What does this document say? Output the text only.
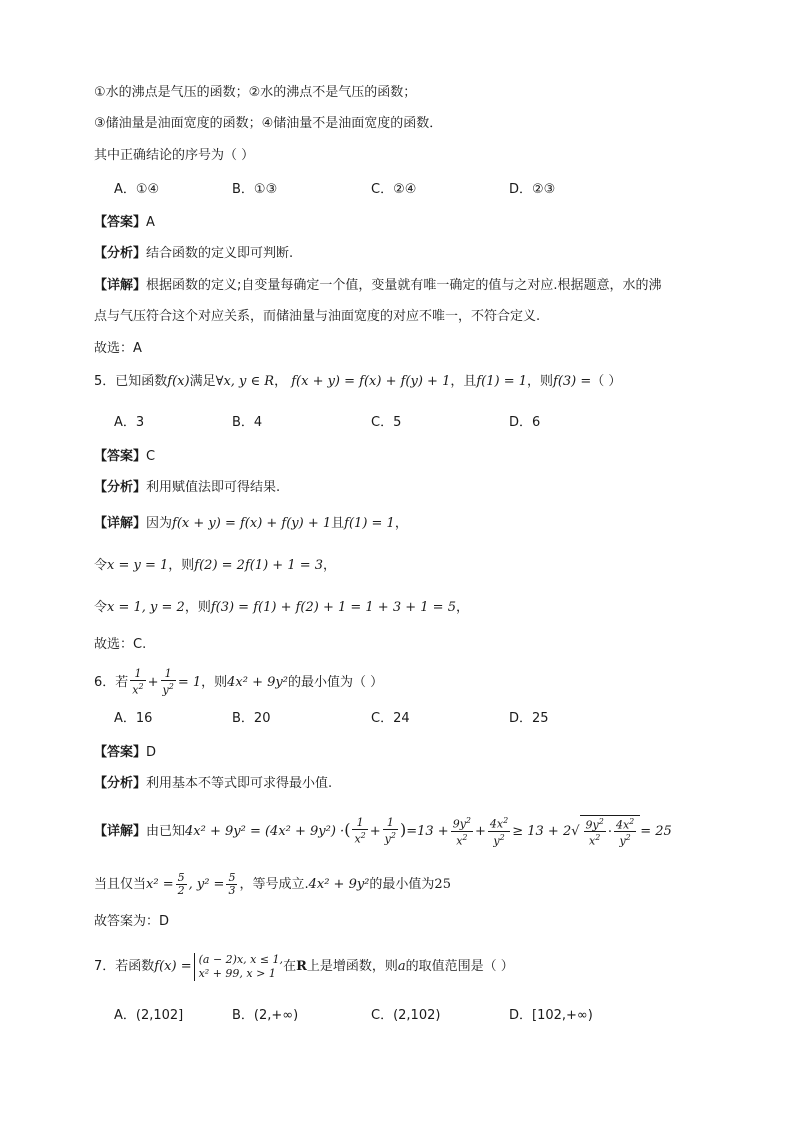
①水的沸点是气压的函数；②水的沸点不是气压的函数；
③储油量是油面宽度的函数；④储油量不是油面宽度的函数．
其中正确结论的序号为（ ）
A．①④	B．①③	C．②④	D．②③
【答案】A
【分析】结合函数的定义即可判断.
【详解】根据函数的定义;自变量每确定一个值，变量就有唯一确定的值与之对应.根据题意，水的沸
点与气压符合这个对应关系，而储油量与油面宽度的对应不唯一，不符合定义.
故选：A
5．已知函数f(x)满足∀x, y ∈ R， f(x + y) = f(x) + f(y) + 1，且f(1) = 1，则f(3) =（ ）
A．3	B．4	C．5	D．6
【答案】C
【分析】利用赋值法即可得结果.
【详解】因为f(x + y) = f(x) + f(y) + 1且f(1) = 1，
令x = y = 1，则f(2) = 2f(1) + 1 = 3，
令x = 1, y = 2，则f(3) = f(1) + f(2) + 1 = 1 + 3 + 1 = 5，
故选：C.
6．若 $\frac{1}{x^2} + \frac{1}{y^2} = 1$，则4x² + 9y²的最小值为（ ）
A．16	B．20	C．24	D．25
【答案】D
【分析】利用基本不等式即可求得最小值.
【详解】由已知4x² + 9y² = (4x² + 9y²) ·( $\frac{1}{x^2} + \frac{1}{y^2} )=13 + \frac{9y^2}{x^2} + \frac{4x^2}{y^2} \ge 13 + 2√ \frac{9y^2}{x^2} \cdot \frac{4x^2}{y^2} = 25$
当且仅当$x^2 = \frac{5}{2}$ , $y^2 = \frac{5}{3}$ ，等号成立.4x² + 9y²的最小值为25
故答案为：D
7．若函数f(x) = (a − 2)x, x ≤ 1,
x² + 99, x > 1 在R上是增函数，则a的取值范围是（ ）
A．(2,102]	B．(2,+∞)	C．(2,102)	D．[102,+∞)
